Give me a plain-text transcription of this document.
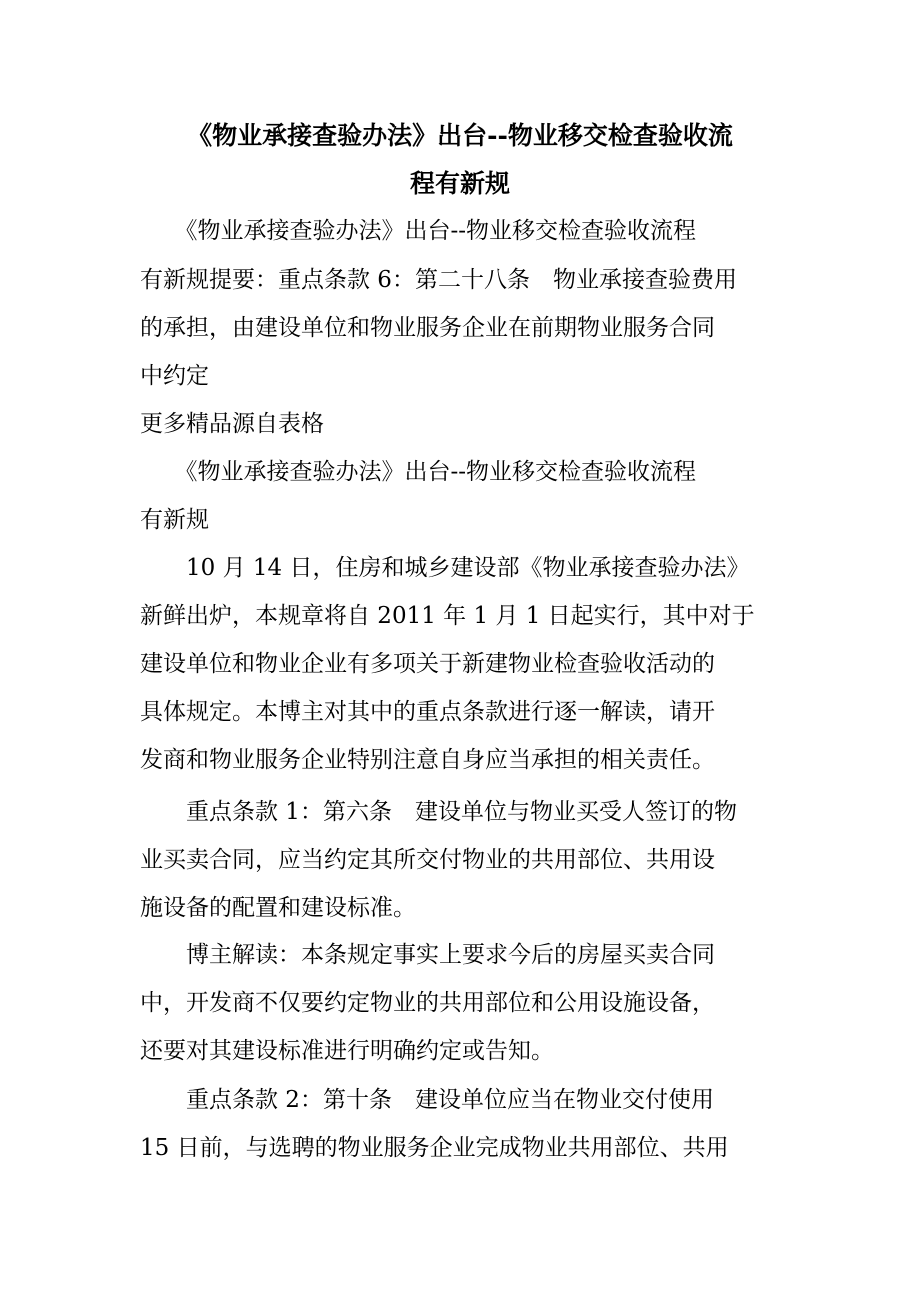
《物业承接查验办法》出台--物业移交检查验收流
程有新规

　　《物业承接查验办法》出台--物业移交检查验收流程

有新规提要：重点条款 6：第二十八条　物业承接查验费用

的承担，由建设单位和物业服务企业在前期物业服务合同

中约定

更多精品源自表格

　　《物业承接查验办法》出台--物业移交检查验收流程

有新规

　　10 月 14 日，住房和城乡建设部《物业承接查验办法》

新鲜出炉，本规章将自 2011 年 1 月 1 日起实行，其中对于

建设单位和物业企业有多项关于新建物业检查验收活动的

具体规定。本博主对其中的重点条款进行逐一解读，请开

发商和物业服务企业特别注意自身应当承担的相关责任。

　　重点条款 1：第六条　建设单位与物业买受人签订的物

业买卖合同，应当约定其所交付物业的共用部位、共用设

施设备的配置和建设标准。

　　博主解读：本条规定事实上要求今后的房屋买卖合同

中，开发商不仅要约定物业的共用部位和公用设施设备，

还要对其建设标准进行明确约定或告知。

　　重点条款 2：第十条　建设单位应当在物业交付使用

15 日前，与选聘的物业服务企业完成物业共用部位、共用
